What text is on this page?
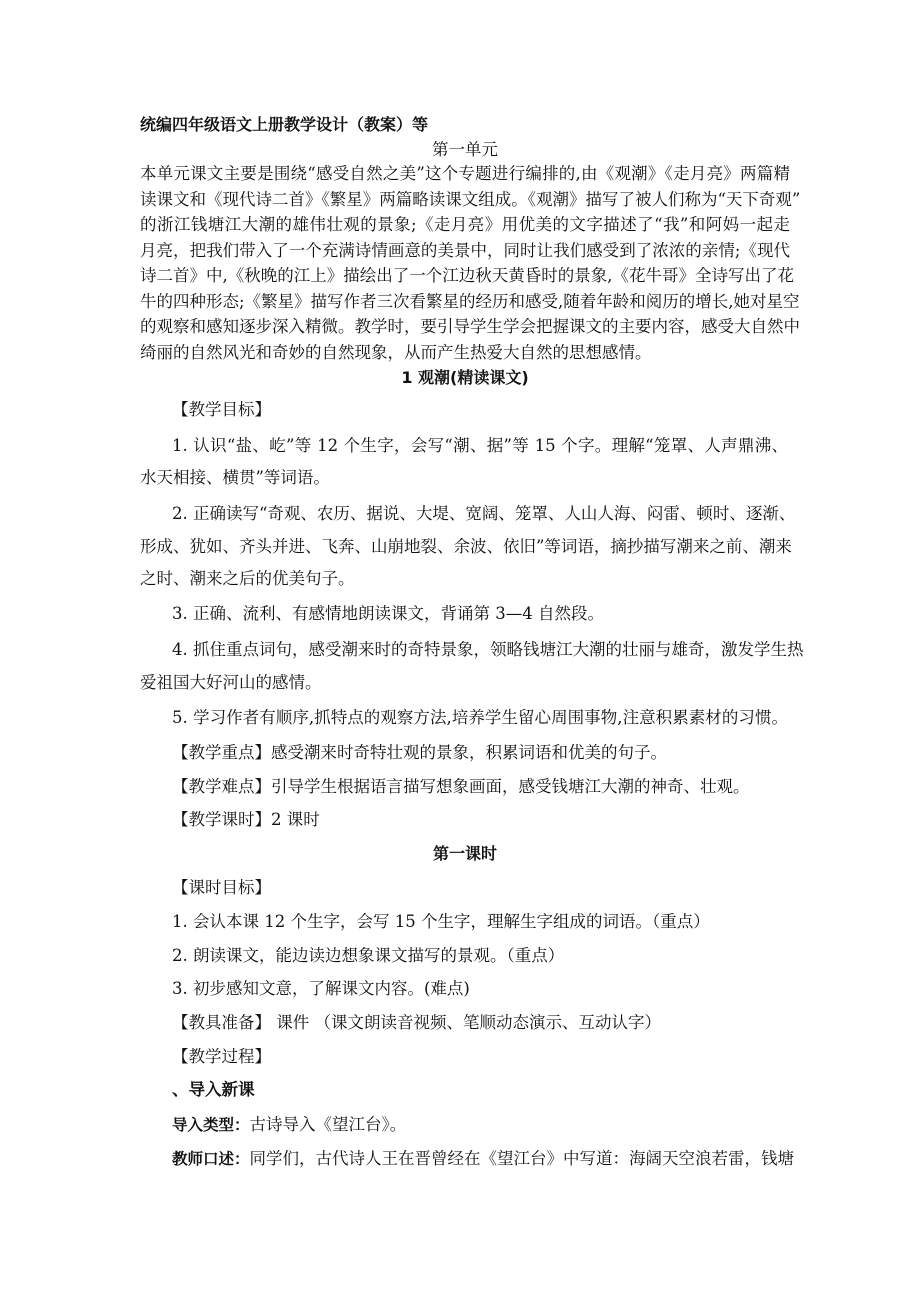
统编四年级语文上册教学设计（教案）等
第一单元
本单元课文主要是围绕“感受自然之美”这个专题进行编排的,由《观潮》《走月亮》两篇精
读课文和《现代诗二首》《繁星》两篇略读课文组成。《观潮》描写了被人们称为“天下奇观”
的浙江钱塘江大潮的雄伟壮观的景象;《走月亮》用优美的文字描述了“我”和阿妈一起走
月亮，把我们带入了一个充满诗情画意的美景中，同时让我们感受到了浓浓的亲情;《现代
诗二首》中,《秋晚的江上》描绘出了一个江边秋天黄昏时的景象,《花牛哥》全诗写出了花
牛的四种形态;《繁星》描写作者三次看繁星的经历和感受,随着年龄和阅历的增长,她对星空
的观察和感知逐步深入精微。教学时，要引导学生学会把握课文的主要内容，感受大自然中
绮丽的自然风光和奇妙的自然现象，从而产生热爱大自然的思想感情。
1 观潮(精读课文)
【教学目标】
1. 认识“盐、屹”等 12 个生字，会写“潮、据”等 15 个字。理解“笼罩、人声鼎沸、
水天相接、横贯”等词语。
2. 正确读写“奇观、农历、据说、大堤、宽阔、笼罩、人山人海、闷雷、顿时、逐渐、
形成、犹如、齐头并进、飞奔、山崩地裂、余波、依旧”等词语，摘抄描写潮来之前、潮来
之时、潮来之后的优美句子。
3. 正确、流利、有感情地朗读课文，背诵第 3—4 自然段。
4. 抓住重点词句，感受潮来时的奇特景象，领略钱塘江大潮的壮丽与雄奇，激发学生热
爱祖国大好河山的感情。
5. 学习作者有顺序,抓特点的观察方法,培养学生留心周围事物,注意积累素材的习惯。
【教学重点】感受潮来时奇特壮观的景象，积累词语和优美的句子。
【教学难点】引导学生根据语言描写想象画面，感受钱塘江大潮的神奇、壮观。
【教学课时】2 课时
第一课时
【课时目标】
1. 会认本课 12 个生字，会写 15 个生字，理解生字组成的词语。（重点）
2. 朗读课文，能边读边想象课文描写的景观。（重点）
3. 初步感知文意，了解课文内容。(难点)
【教具准备】 课件 （课文朗读音视频、笔顺动态演示、互动认字）
【教学过程】
、导入新课
导入类型：古诗导入《望江台》。
教师口述：同学们，古代诗人王在晋曾经在《望江台》中写道：海阔天空浪若雷，钱塘
